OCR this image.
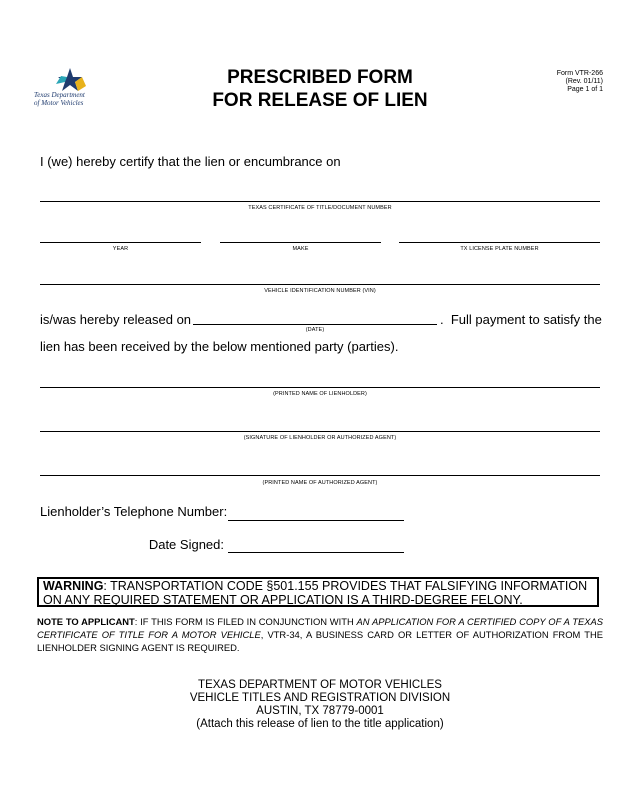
Texas Department
of Motor Vehicles
PRESCRIBED FORM
FOR RELEASE OF LIEN
Form VTR-266
(Rev. 01/11)
Page 1 of 1
I (we) hereby certify that the lien or encumbrance on
TEXAS CERTIFICATE OF TITLE/DOCUMENT NUMBER
YEAR	MAKE	TX LICENSE PLATE NUMBER
VEHICLE IDENTIFICATION NUMBER (VIN)
is/was hereby released on
(DATE)
.  Full payment to satisfy the
lien has been received by the below mentioned party (parties).
(PRINTED NAME OF LIENHOLDER)
(SIGNATURE OF LIENHOLDER OR AUTHORIZED AGENT)
(PRINTED NAME OF AUTHORIZED AGENT)
Lienholder’s Telephone Number:
Date Signed:
WARNING: TRANSPORTATION CODE §501.155 PROVIDES THAT FALSIFYING INFORMATION
ON ANY REQUIRED STATEMENT OR APPLICATION IS A THIRD-DEGREE FELONY.
NOTE TO APPLICANT: IF THIS FORM IS FILED IN CONJUNCTION WITH AN APPLICATION FOR A CERTIFIED COPY OF A TEXAS CERTIFICATE OF TITLE FOR A MOTOR VEHICLE, VTR-34, A BUSINESS CARD OR LETTER OF AUTHORIZATION FROM THE LIENHOLDER SIGNING AGENT IS REQUIRED.
TEXAS DEPARTMENT OF MOTOR VEHICLES
VEHICLE TITLES AND REGISTRATION DIVISION
AUSTIN, TX 78779-0001
(Attach this release of lien to the title application)
